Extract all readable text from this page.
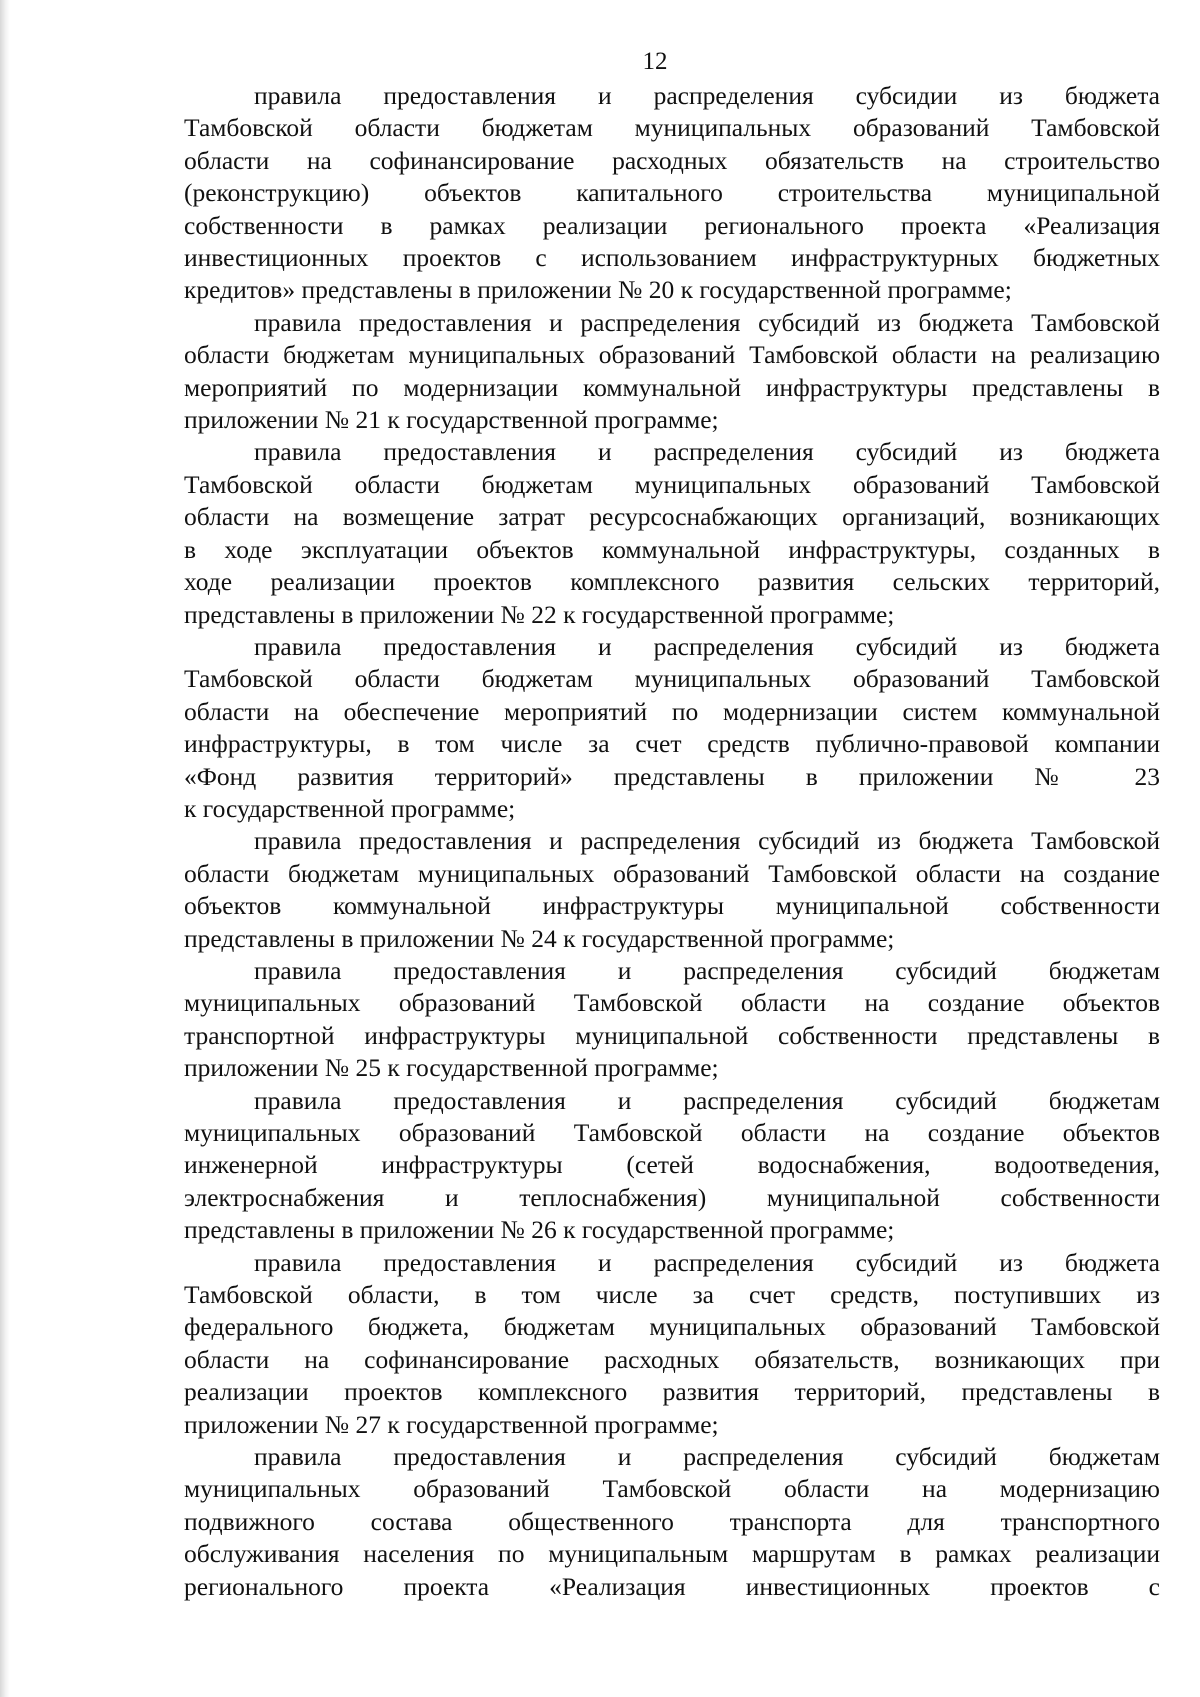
12

правила предоставления и распределения субсидии из бюджета
Тамбовской области бюджетам муниципальных образований Тамбовской
области на софинансирование расходных обязательств на строительство
(реконструкцию) объектов капитального строительства муниципальной
собственности в рамках реализации регионального проекта «Реализация
инвестиционных проектов с использованием инфраструктурных бюджетных
кредитов» представлены в приложении № 20 к государственной программе;

правила предоставления и распределения субсидий из бюджета Тамбовской
области бюджетам муниципальных образований Тамбовской области на реализацию
мероприятий по модернизации коммунальной инфраструктуры представлены в
приложении № 21 к государственной программе;

правила предоставления и распределения субсидий из бюджета
Тамбовской области бюджетам муниципальных образований Тамбовской
области на возмещение затрат ресурсоснабжающих организаций, возникающих
в ходе эксплуатации объектов коммунальной инфраструктуры, созданных в
ходе реализации проектов комплексного развития сельских территорий,
представлены в приложении № 22 к государственной программе;

правила предоставления и распределения субсидий из бюджета
Тамбовской области бюджетам муниципальных образований Тамбовской
области на обеспечение мероприятий по модернизации систем коммунальной
инфраструктуры, в том числе за счет средств публично-правовой компании
«Фонд развития территорий» представлены в приложении № 23
к государственной программе;

правила предоставления и распределения субсидий из бюджета Тамбовской
области бюджетам муниципальных образований Тамбовской области на создание
объектов коммунальной инфраструктуры муниципальной собственности
представлены в приложении № 24 к государственной программе;

правила предоставления и распределения субсидий бюджетам
муниципальных образований Тамбовской области на создание объектов
транспортной инфраструктуры муниципальной собственности представлены в
приложении № 25 к государственной программе;

правила предоставления и распределения субсидий бюджетам
муниципальных образований Тамбовской области на создание объектов
инженерной инфраструктуры (сетей водоснабжения, водоотведения,
электроснабжения и теплоснабжения) муниципальной собственности
представлены в приложении № 26 к государственной программе;

правила предоставления и распределения субсидий из бюджета
Тамбовской области, в том числе за счет средств, поступивших из
федерального бюджета, бюджетам муниципальных образований Тамбовской
области на софинансирование расходных обязательств, возникающих при
реализации проектов комплексного развития территорий, представлены в
приложении № 27 к государственной программе;

правила предоставления и распределения субсидий бюджетам
муниципальных образований Тамбовской области на модернизацию
подвижного состава общественного транспорта для транспортного
обслуживания населения по муниципальным маршрутам в рамках реализации
регионального проекта «Реализация инвестиционных проектов с
